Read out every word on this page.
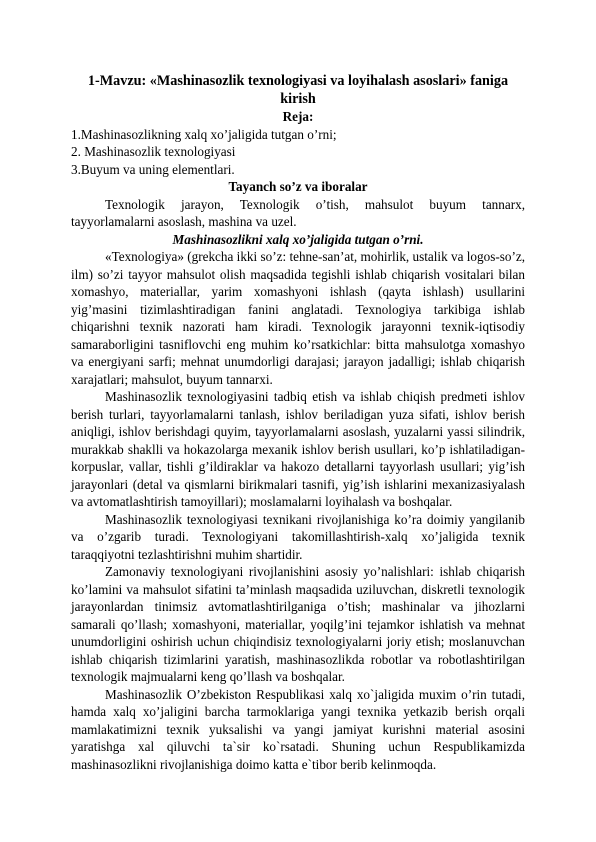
1-Mavzu: «Mashinasozlik texnologiyasi va loyihalash asoslari» faniga kirish

Reja:

1.Mashinasozlikning xalq xo’jaligida tutgan o’rni;
2. Mashinasozlik texnologiyasi
3.Buyum va uning elementlari.

Tayanch so’z va iboralar

Texnologik jarayon, Texnologik o’tish, mahsulot buyum tannarx, tayyorlamalarni asoslash, mashina va uzel.

Mashinasozlikni xalq xo’jaligida tutgan o’rni.

«Texnologiya» (grekcha ikki so’z: tehne-san’at, mohirlik, ustalik va logos-so’z, ilm) so’zi tayyor mahsulot olish maqsadida tegishli ishlab chiqarish vositalari bilan xomashyo, materiallar, yarim xomashyoni ishlash (qayta ishlash) usullarini yig’masini tizimlashtiradigan fanini anglatadi. Texnologiya tarkibiga ishlab chiqarishni texnik nazorati ham kiradi. Texnologik jarayonni texnik-iqtisodiy samaraborligini tasniflovchi eng muhim ko’rsatkichlar: bitta mahsulotga xomashyo va energiyani sarfi; mehnat unumdorligi darajasi; jarayon jadalligi; ishlab chiqarish xarajatlari; mahsulot, buyum tannarxi.

Mashinasozlik texnologiyasini tadbiq etish va ishlab chiqish predmeti ishlov berish turlari, tayyorlamalarni tanlash, ishlov beriladigan yuza sifati, ishlov berish aniqligi, ishlov berishdagi quyim, tayyorlamalarni asoslash, yuzalarni yassi silindrik, murakkab shaklli va hokazolarga mexanik ishlov berish usullari, ko’p ishlatiladigan-korpuslar, vallar, tishli g’ildiraklar va hakozo detallarni tayyorlash usullari; yig’ish jarayonlari (detal va qismlarni birikmalari tasnifi, yig’ish ishlarini mexanizasiyalash va avtomatlashtirish tamoyillari); moslamalarni loyihalash va boshqalar.

Mashinasozlik texnologiyasi texnikani rivojlanishiga ko’ra doimiy yangilanib va o’zgarib turadi. Texnologiyani takomillashtirish-xalq xo’jaligida texnik taraqqiyotni tezlashtirishni muhim shartidir.

Zamonaviy texnologiyani rivojlanishini asosiy yo’nalishlari: ishlab chiqarish ko’lamini va mahsulot sifatini ta’minlash maqsadida uziluvchan, diskretli texnologik jarayonlardan tinimsiz avtomatlashtirilganiga o’tish; mashinalar va jihozlarni samarali qo’llash; xomashyoni, materiallar, yoqilg’ini tejamkor ishlatish va mehnat unumdorligini oshirish uchun chiqindisiz texnologiyalarni joriy etish; moslanuvchan ishlab chiqarish tizimlarini yaratish, mashinasozlikda robotlar va robotlashtirilgan texnologik majmualarni keng qo’llash va boshqalar.

Mashinasozlik O’zbekiston Respublikasi xalq xo`jaligida muxim o’rin tutadi, hamda xalq xo’jaligini barcha tarmoklariga yangi texnika yetkazib berish orqali mamlakatimizni texnik yuksalishi va yangi jamiyat kurishni material asosini yaratishga xal qiluvchi ta`sir ko`rsatadi. Shuning uchun Respublikamizda mashinasozlikni rivojlanishiga doimo katta e`tibor berib kelinmoqda.
